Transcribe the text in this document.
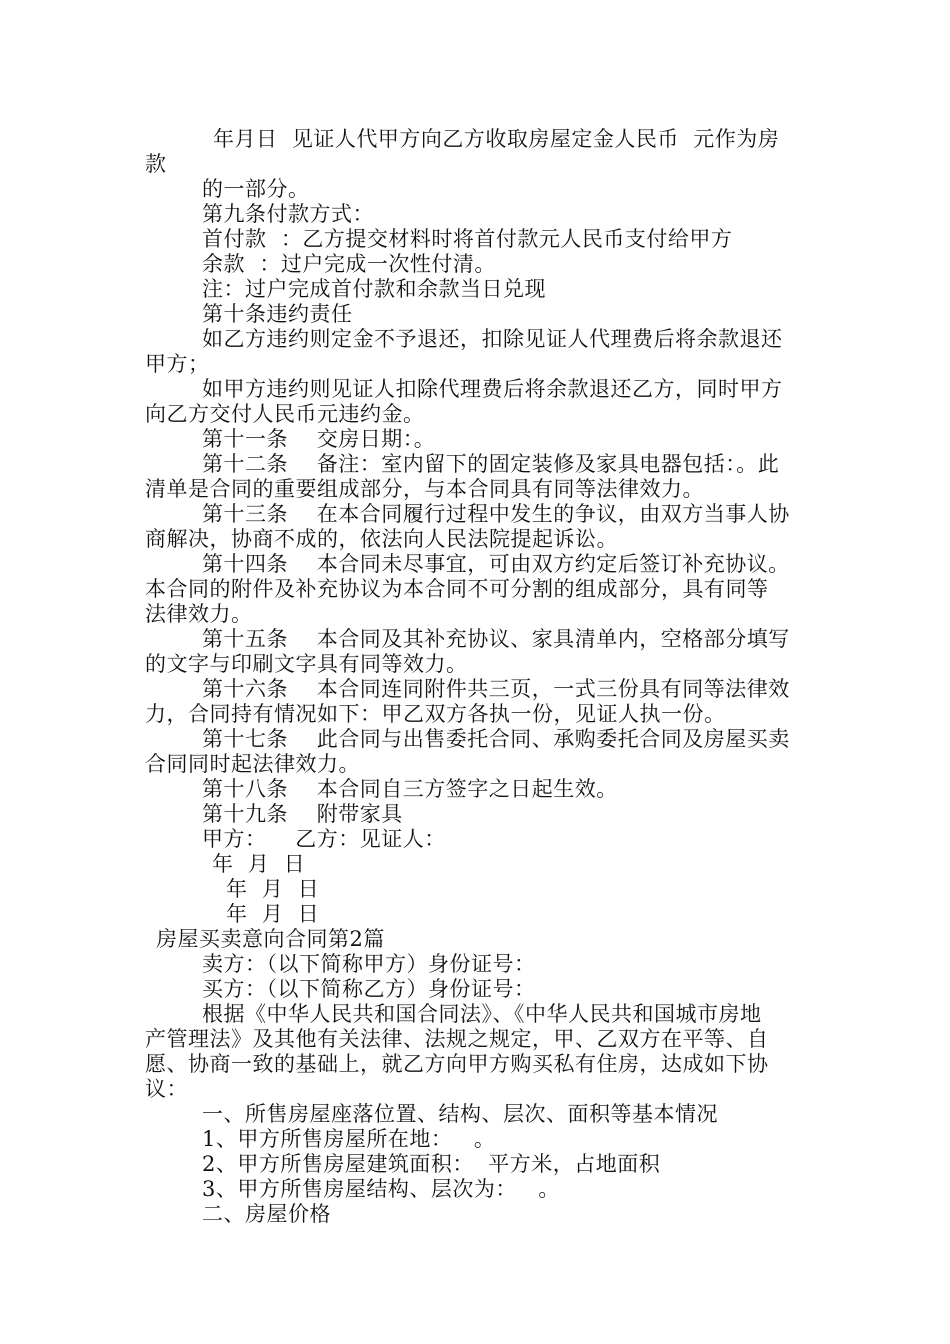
年月日  见证人代甲方向乙方收取房屋定金人民币  元作为房
款
的一部分。
第九条付款方式：
首付款  ：乙方提交材料时将首付款元人民币支付给甲方
余款  ：过户完成一次性付清。
注：过户完成首付款和余款当日兑现
第十条违约责任
如乙方违约则定金不予退还，扣除见证人代理费后将余款退还
甲方；
如甲方违约则见证人扣除代理费后将余款退还乙方，同时甲方
向乙方交付人民币元违约金。
第十一条    交房日期：。
第十二条    备注：室内留下的固定装修及家具电器包括：。此
清单是合同的重要组成部分，与本合同具有同等法律效力。
第十三条    在本合同履行过程中发生的争议，由双方当事人协
商解决，协商不成的，依法向人民法院提起诉讼。
第十四条    本合同未尽事宜，可由双方约定后签订补充协议。
本合同的附件及补充协议为本合同不可分割的组成部分，具有同等
法律效力。
第十五条    本合同及其补充协议、家具清单内，空格部分填写
的文字与印刷文字具有同等效力。
第十六条    本合同连同附件共三页，一式三份具有同等法律效
力，合同持有情况如下：甲乙双方各执一份，见证人执一份。
第十七条    此合同与出售委托合同、承购委托合同及房屋买卖
合同同时起法律效力。
第十八条    本合同自三方签字之日起生效。
第十九条    附带家具
甲方：    乙方：见证人：
年  月  日
年  月  日
年  月  日
房屋买卖意向合同第2篇
卖方：（以下简称甲方）身份证号：
买方：（以下简称乙方）身份证号：
根据《中华人民共和国合同法》、《中华人民共和国城市房地
产管理法》及其他有关法律、法规之规定，甲、乙双方在平等、自
愿、协商一致的基础上，就乙方向甲方购买私有住房，达成如下协
议：
一、所售房屋座落位置、结构、层次、面积等基本情况
1、甲方所售房屋所在地：   。
2、甲方所售房屋建筑面积：  平方米，占地面积
3、甲方所售房屋结构、层次为：   。
二、房屋价格
